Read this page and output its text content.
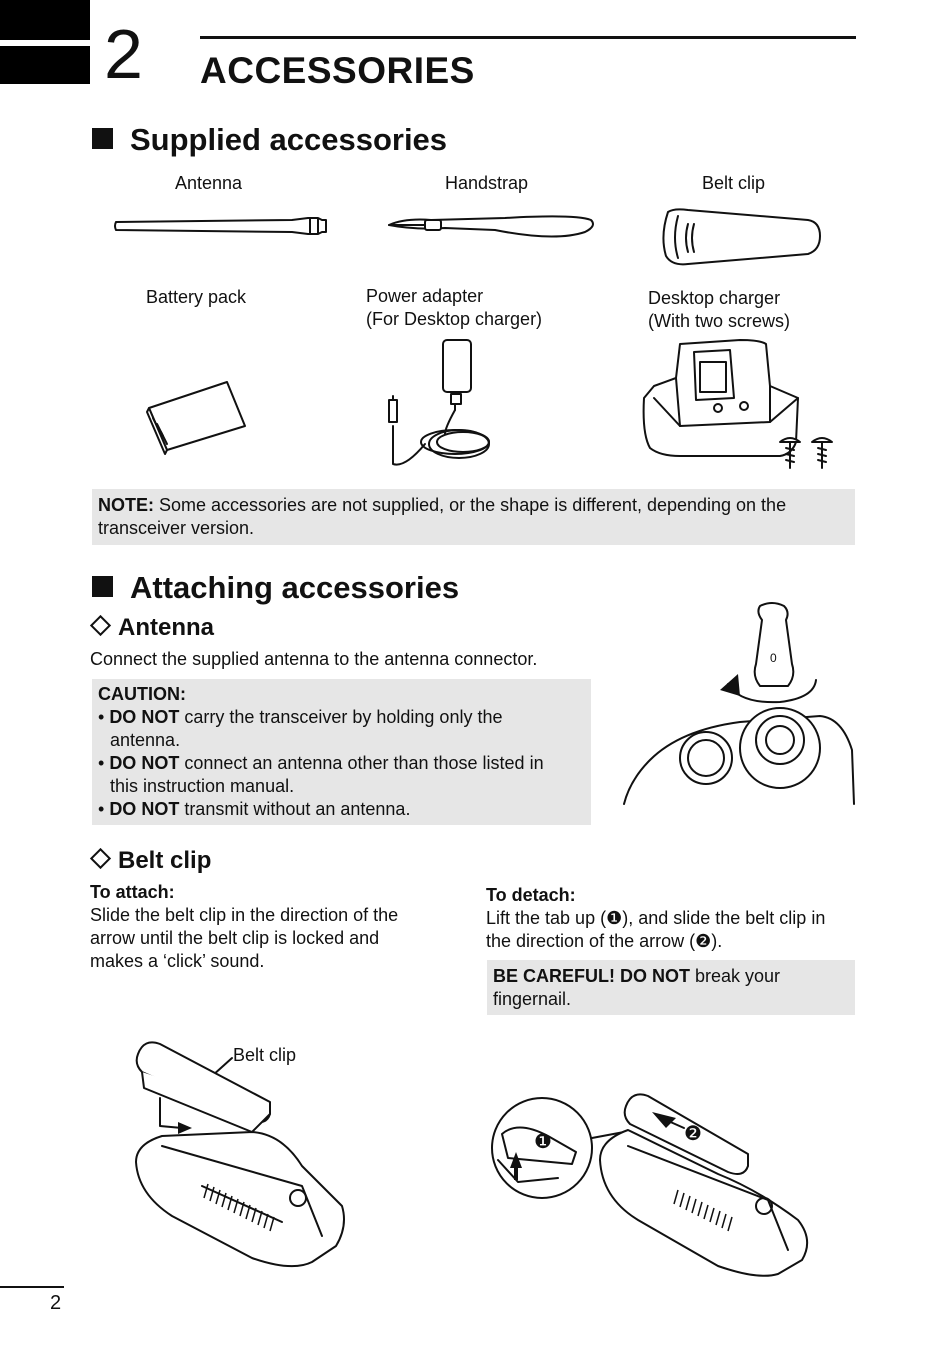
2 ACCESSORIES
Supplied accessories
Antenna	Handstrap	Belt clip
Battery pack	Power adapter
(For Desktop charger)
Desktop charger
(With two screws)
NOTE: Some accessories are not supplied, or the shape is different, depending on the
transceiver version.
Attaching accessories
Antenna
Connect the supplied antenna to the antenna connector.
CAUTION:
• DO NOT carry the transceiver by holding only the
antenna.
• DO NOT connect an antenna other than those listed in
this instruction manual.
• DO NOT transmit without an antenna.
0
Belt clip
To attach:
Slide the belt clip in the direction of the
arrow until the belt clip is locked and
makes a ‘click’ sound.
To detach:
Lift the tab up (❶), and slide the belt clip in
the direction of the arrow (❷).
BE CAREFUL! DO NOT break your
fingernail.
Belt clip
❶	❷
2
